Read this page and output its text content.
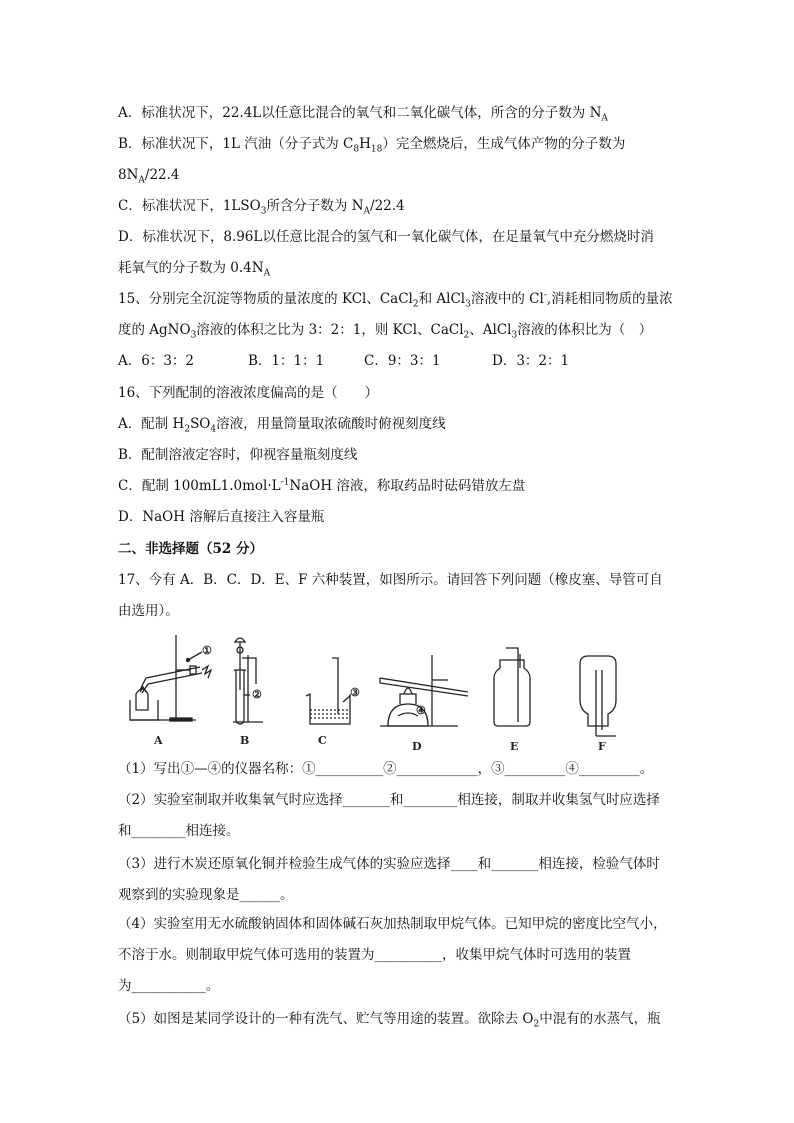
A．标准状况下，22.4L以任意比混合的氧气和二氧化碳气体，所含的分子数为 $N_A$
B．标准状况下，1L 汽油（分子式为 $C_8H_{18}$）完全燃烧后，生成气体产物的分子数为
$8N_A/22.4$
C．标准状况下，$1LSO_3$所含分子数为 $N_A/22.4$
D．标准状况下，8.96L以任意比混合的氢气和一氧化碳气体，在足量氧气中充分燃烧时消
耗氧气的分子数为 $0.4N_A$
15、分别完全沉淀等物质的量浓度的 KCl、CaCl$_2$和 AlCl$_3$溶液中的 Cl-,消耗相同物质的量浓
度的 AgNO$_3$溶液的体积之比为 3：2：1，则 KCl、CaCl$_2$、AlCl$_3$溶液的体积比为（　）
A．6：3：2	B．1：1：1	C．9：3：1	D．3：2：1
16、下列配制的溶液浓度偏高的是（　　）
A．配制 $H_2SO_4$溶液，用量筒量取浓硫酸时俯视刻度线
B．配制溶液定容时，仰视容量瓶刻度线
C．配制 $100mL1.0mol\cdot L^{-1}NaOH$ 溶液，称取药品时砝码错放左盘
D．NaOH 溶解后直接注入容量瓶
二、非选择题（52 分）
17、今有 A．B．C．D．E、F 六种装置，如图所示。请回答下列问题（橡皮塞、导管可自
由选用）。
①
②	③
④
A	B	C	D	E	F
（1）写出①—④的仪器名称：①__________②____________，③_________④_________。
（2）实验室制取并收集氧气时应选择_______和________相连接，制取并收集氢气时应选择
和________相连接。
（3）进行木炭还原氧化铜并检验生成气体的实验应选择____和_______相连接，检验气体时
观察到的实验现象是______。
（4）实验室用无水硫酸钠固体和固体碱石灰加热制取甲烷气体。已知甲烷的密度比空气小，
不溶于水。则制取甲烷气体可选用的装置为__________，收集甲烷气体时可选用的装置
为___________。
（5）如图是某同学设计的一种有洗气、贮气等用途的装置。欲除去 $O_2$中混有的水蒸气，瓶
